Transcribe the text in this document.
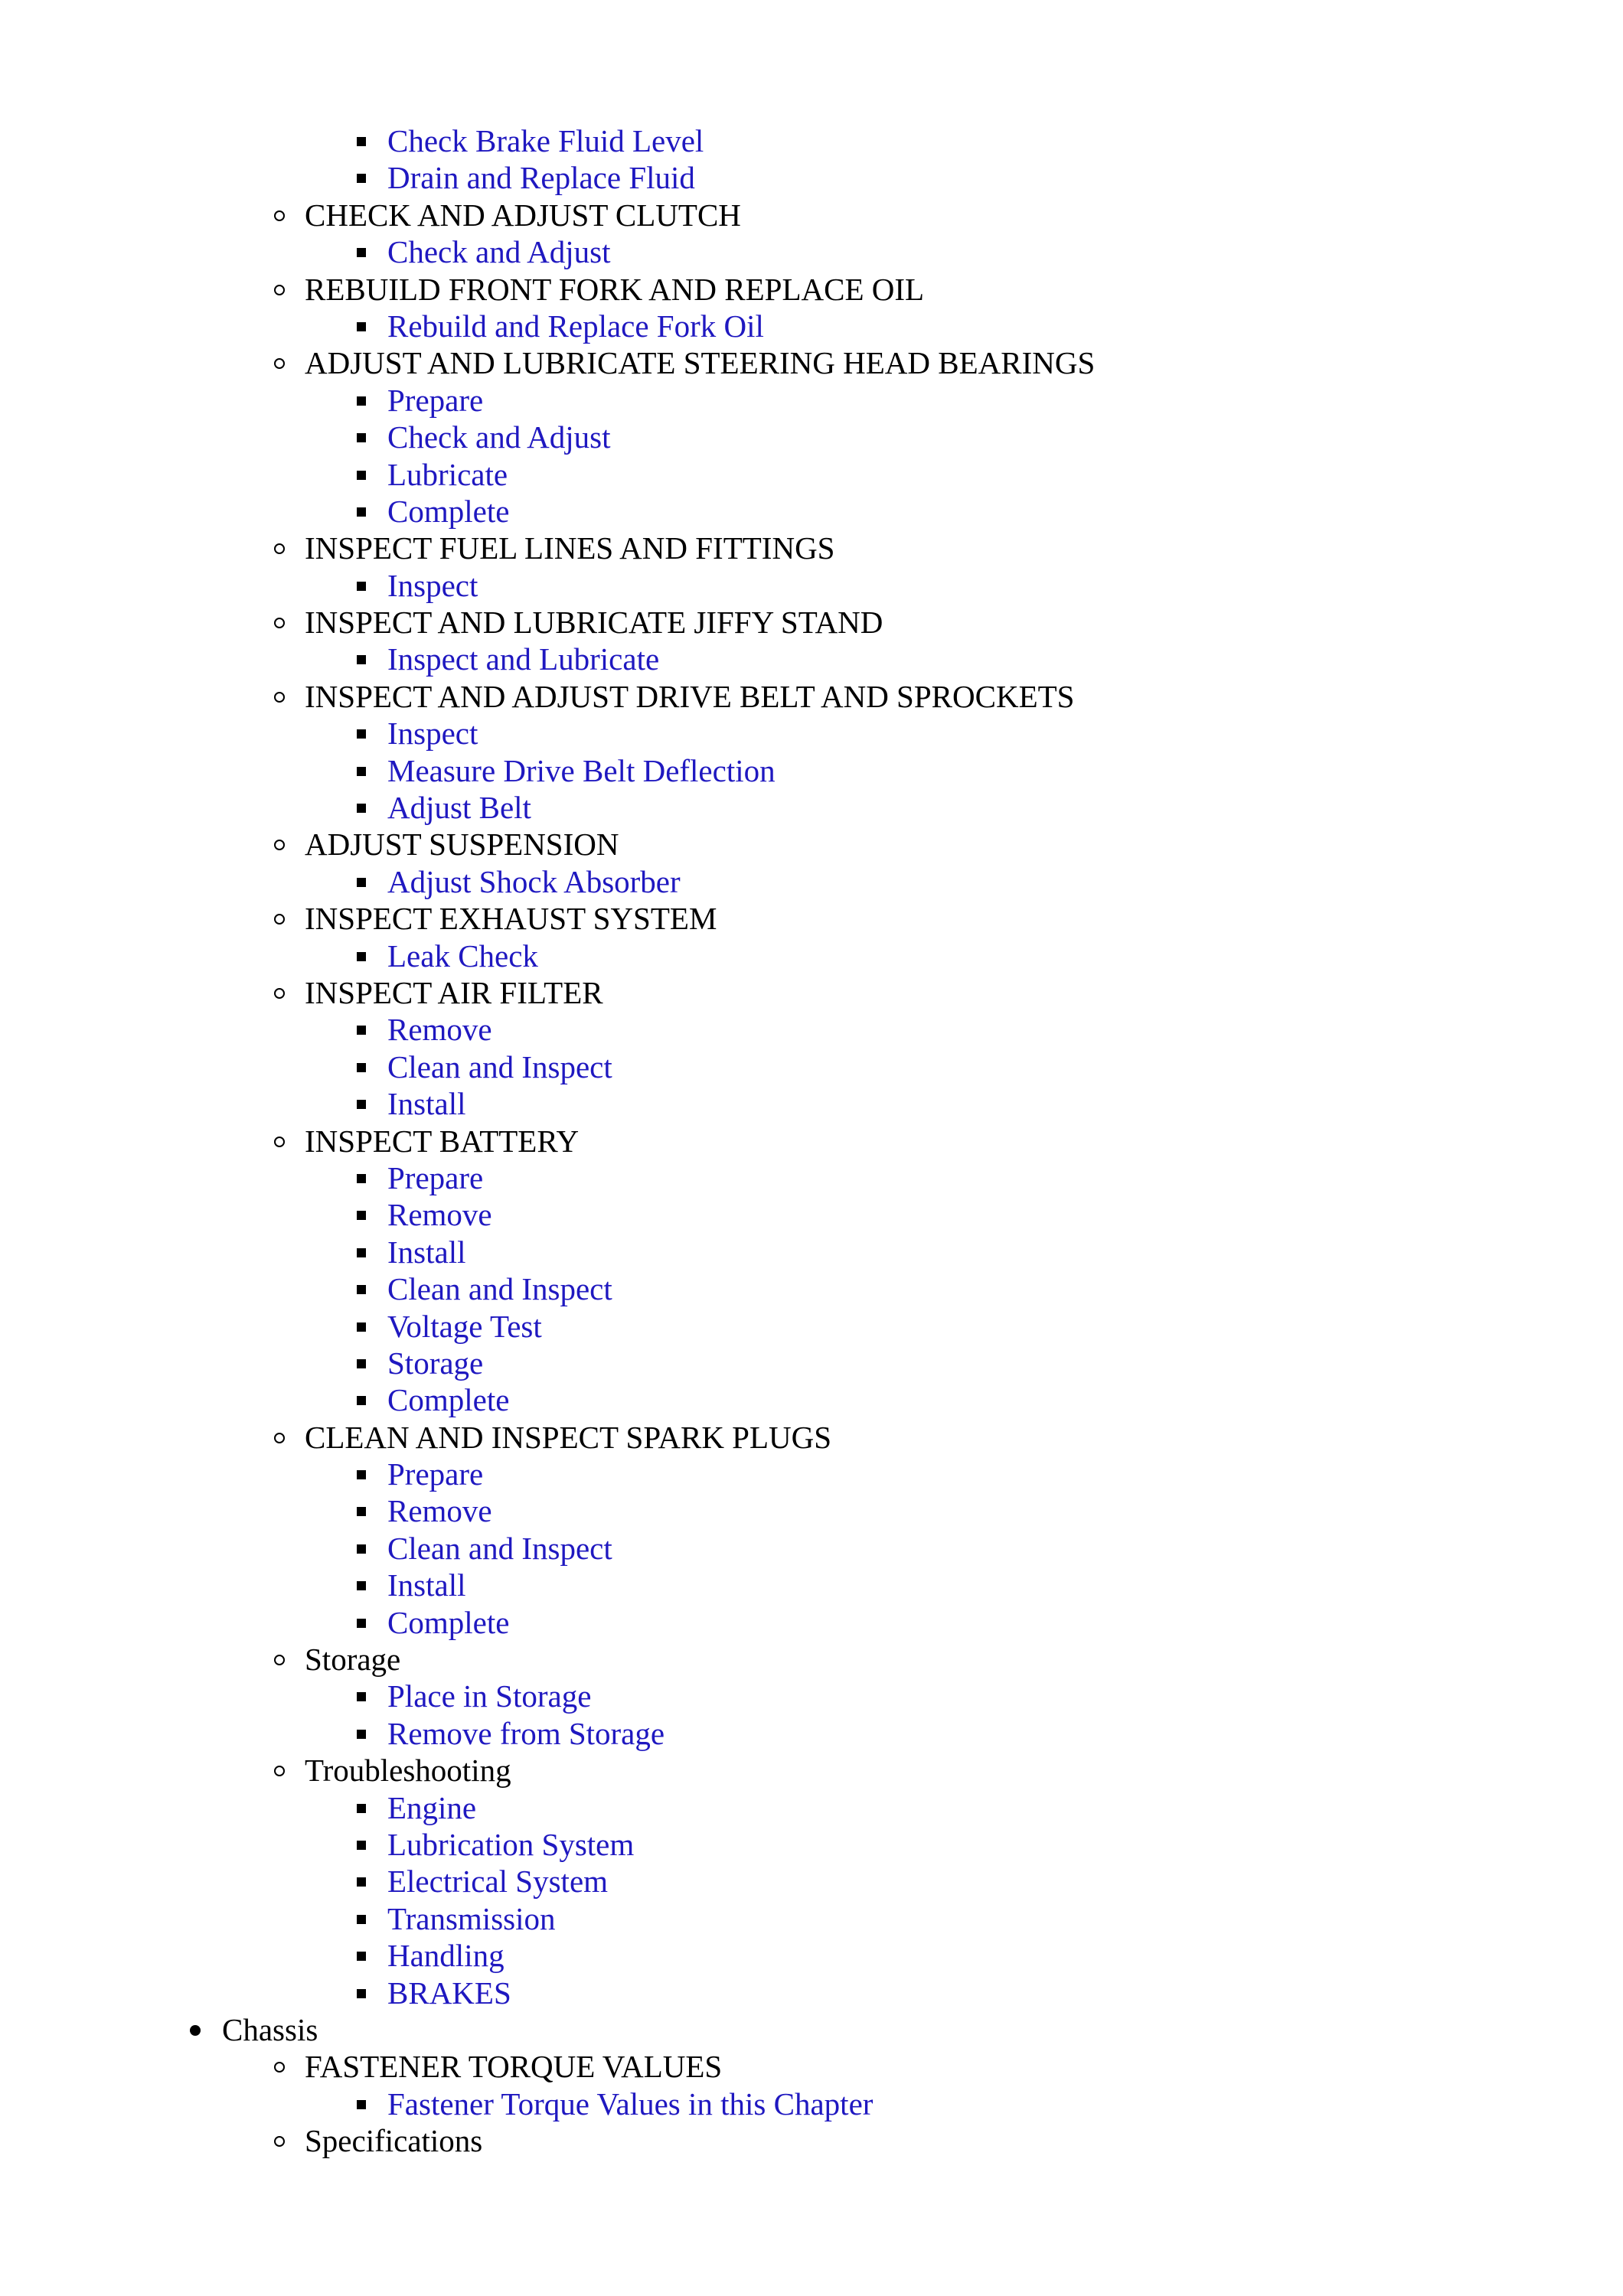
Check Brake Fluid Level
Drain and Replace Fluid
CHECK AND ADJUST CLUTCH
Check and Adjust
REBUILD FRONT FORK AND REPLACE OIL
Rebuild and Replace Fork Oil
ADJUST AND LUBRICATE STEERING HEAD BEARINGS
Prepare
Check and Adjust
Lubricate
Complete
INSPECT FUEL LINES AND FITTINGS
Inspect
INSPECT AND LUBRICATE JIFFY STAND
Inspect and Lubricate
INSPECT AND ADJUST DRIVE BELT AND SPROCKETS
Inspect
Measure Drive Belt Deflection
Adjust Belt
ADJUST SUSPENSION
Adjust Shock Absorber
INSPECT EXHAUST SYSTEM
Leak Check
INSPECT AIR FILTER
Remove
Clean and Inspect
Install
INSPECT BATTERY
Prepare
Remove
Install
Clean and Inspect
Voltage Test
Storage
Complete
CLEAN AND INSPECT SPARK PLUGS
Prepare
Remove
Clean and Inspect
Install
Complete
Storage
Place in Storage
Remove from Storage
Troubleshooting
Engine
Lubrication System
Electrical System
Transmission
Handling
BRAKES
Chassis
FASTENER TORQUE VALUES
Fastener Torque Values in this Chapter
Specifications
